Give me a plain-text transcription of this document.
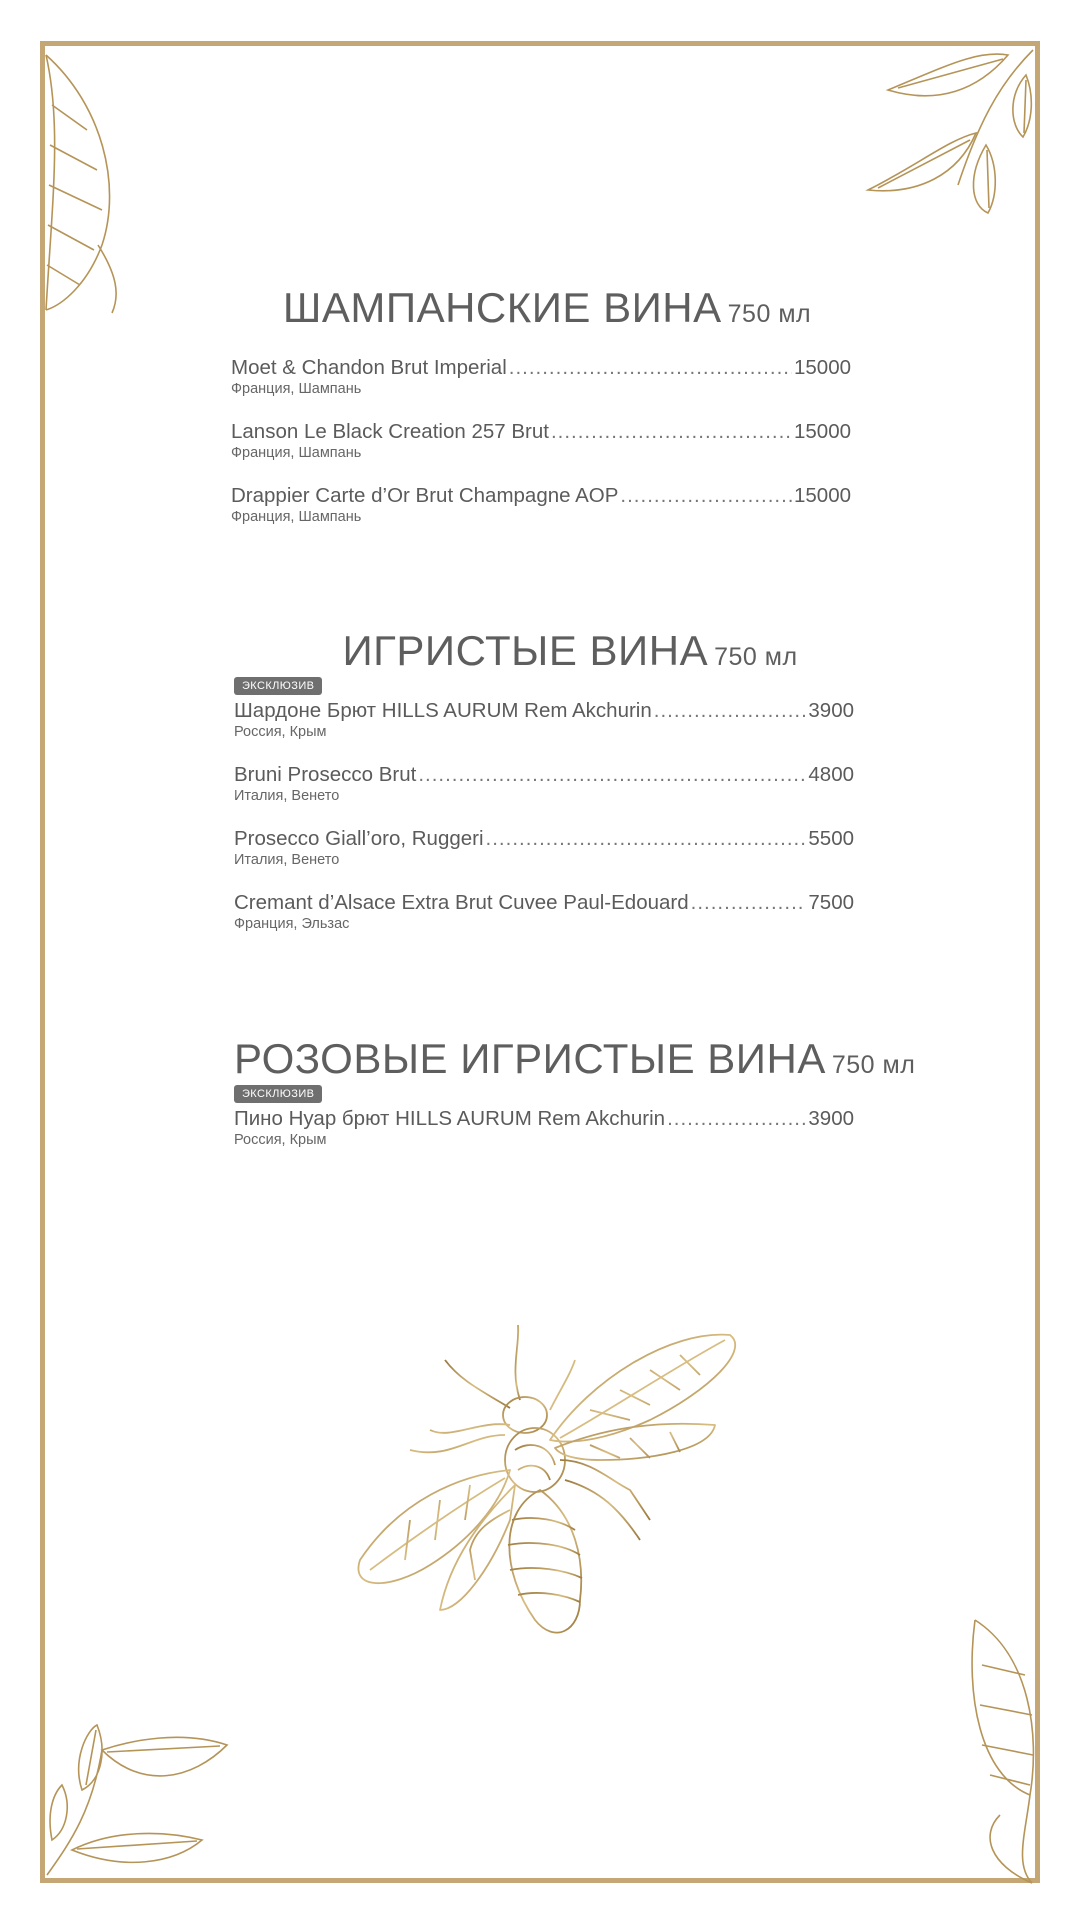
ШАМПАНСКИЕ ВИНА 750 мл
Moet & Chandon Brut Imperial .....	15000
Франция, Шампань
Lanson Le Black Creation 257 Brut .....	15000
Франция, Шампань
Drappier Carte d’Or Brut Champagne AOP .....	15000
Франция, Шампань
ИГРИСТЫЕ ВИНА 750 мл
ЭКСКЛЮЗИВ
Шардоне Брют HILLS AURUM Rem Akchurin .....	3900
Россия, Крым
Bruni Prosecco Brut .....	4800
Италия, Венето
Prosecco Giall’oro, Ruggeri .....	5500
Италия, Венето
Cremant d’Alsace Extra Brut Cuvee Paul-Edouard .....	7500
Франция, Эльзас
РОЗОВЫЕ ИГРИСТЫЕ ВИНА 750 мл
ЭКСКЛЮЗИВ
Пино Нуар брют HILLS AURUM Rem Akchurin .....	3900
Россия, Крым
